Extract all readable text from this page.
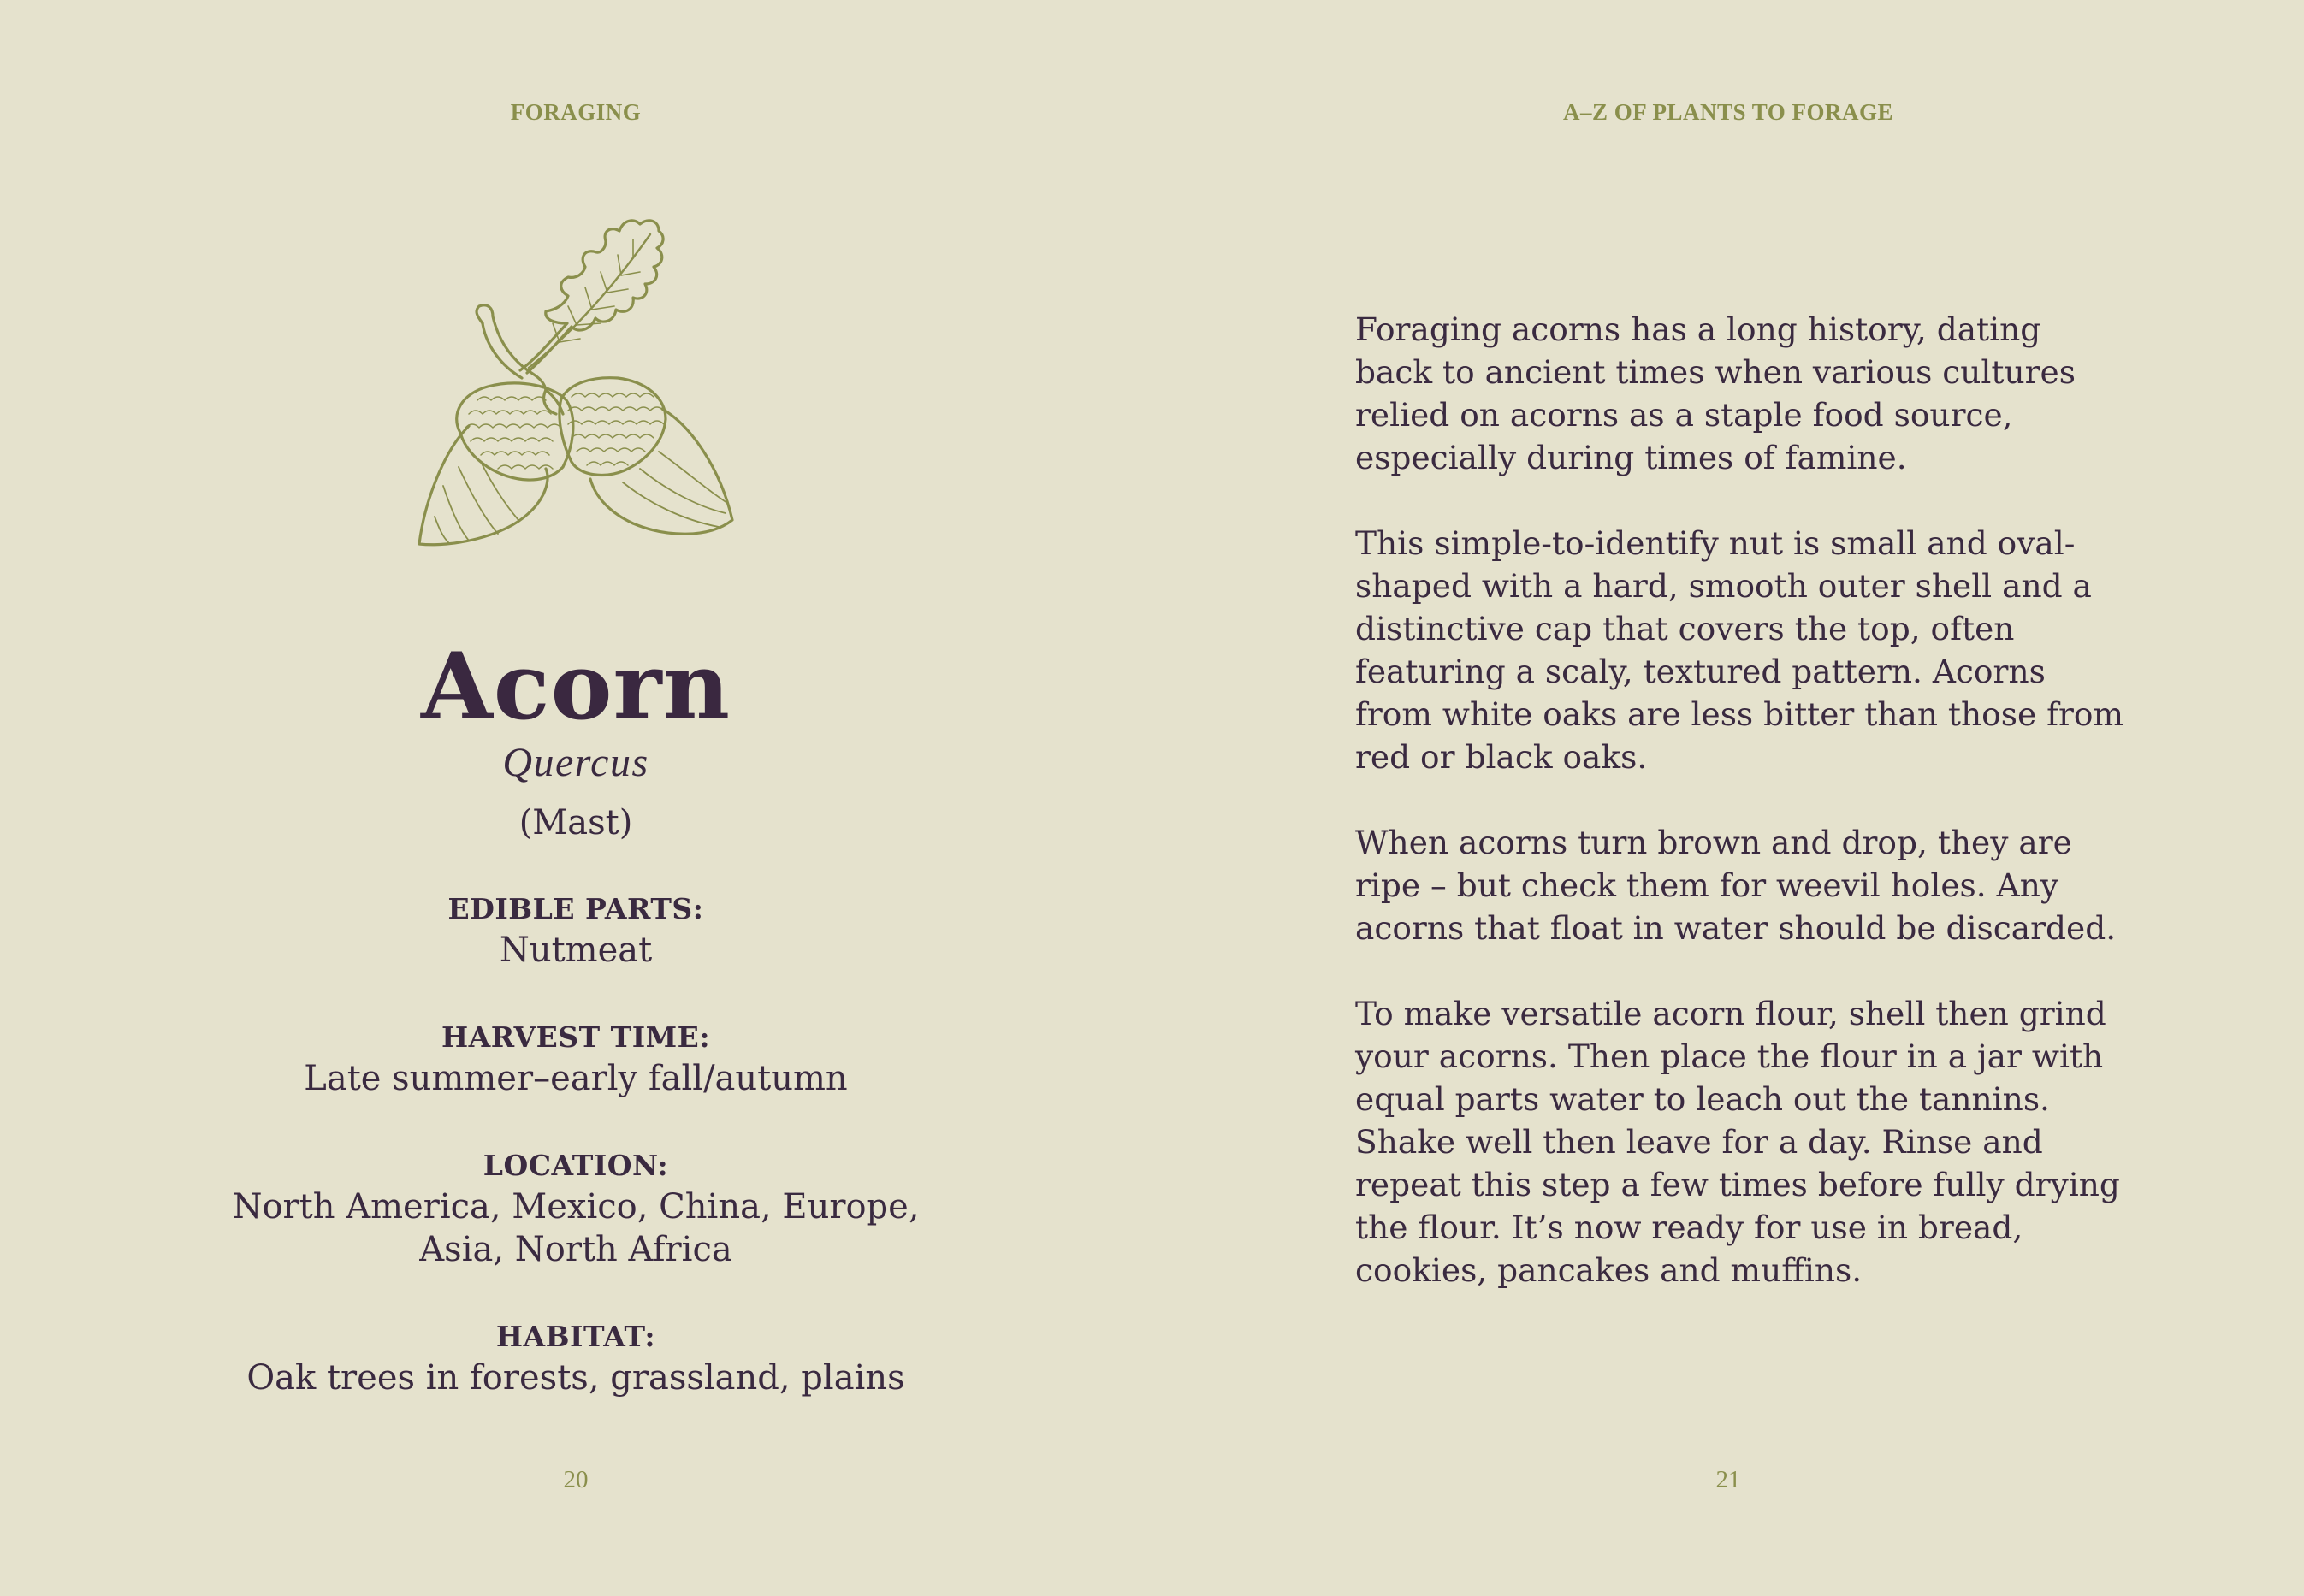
FORAGING

Acorn

Quercus

(Mast)

EDIBLE PARTS:
Nutmeat
HARVEST TIME:
Late summer–early fall/autumn
LOCATION:
North America, Mexico, China, Europe,
Asia, North Africa
HABITAT:
Oak trees in forests, grassland, plains

20

A–Z OF PLANTS TO FORAGE

Foraging acorns has a long history, dating back to ancient times when various cultures relied on acorns as a staple food source, especially during times of famine.

This simple-to-identify nut is small and oval-shaped with a hard, smooth outer shell and a distinctive cap that covers the top, often featuring a scaly, textured pattern. Acorns from white oaks are less bitter than those from red or black oaks.

When acorns turn brown and drop, they are ripe – but check them for weevil holes. Any acorns that float in water should be discarded.

To make versatile acorn flour, shell then grind your acorns. Then place the flour in a jar with equal parts water to leach out the tannins. Shake well then leave for a day. Rinse and repeat this step a few times before fully drying the flour. It’s now ready for use in bread, cookies, pancakes and muffins.

21
